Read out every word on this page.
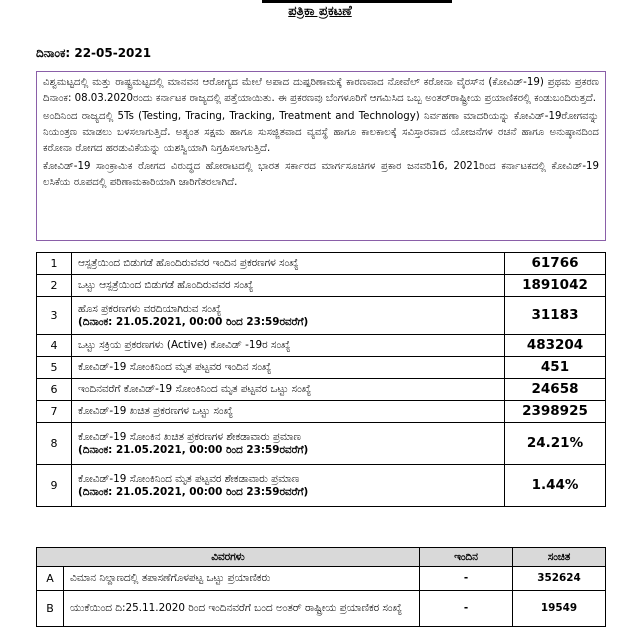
ಪತ್ರಿಕಾ ಪ್ರಕಟಣೆ
ದಿನಾಂಕ: 22-05-2021

ವಿಶ್ವಮಟ್ಟದಲ್ಲಿ ಮತ್ತು ರಾಷ್ಟ್ರಮಟ್ಟದಲ್ಲಿ ಮಾನವನ ಆರೋಗ್ಯದ ಮೇಲೆ ಅಪಾದ ದುಷ್ಪರಿಣಾಮಕ್ಕೆ ಕಾರಣವಾದ ನೋವೆಲ್ ಕರೋನಾ ವೈರಸ್‌ನ (ಕೋವಿಡ್-19) ಪ್ರಥಮ ಪ್ರಕರಣ ದಿನಾಂಕ: 08.03.2020ರಂದು ಕರ್ನಾಟಕ ರಾಜ್ಯದಲ್ಲಿ ಪತ್ತೆಯಾಯಿತು. ಈ ಪ್ರಕರಣವು ಬೆಂಗಳೂರಿಗೆ ಆಗಮಿಸಿದ ಒಬ್ಬ ಅಂತರ್‌ರಾಷ್ಟ್ರೀಯ ಪ್ರಯಾಣಿಕರಲ್ಲಿ ಕಂಡುಬಂದಿರುತ್ತದೆ.

ಅಂದಿನಿಂದ ರಾಜ್ಯದಲ್ಲಿ 5Ts (Testing, Tracing, Tracking, Treatment and Technology) ನಿರ್ವಹಣಾ ಮಾದರಿಯನ್ನು ಕೋವಿಡ್-19ರೋಗವನ್ನು ನಿಯಂತ್ರಣ ಮಾಡಲು ಬಳಸಲಾಗುತ್ತಿದೆ. ಅತ್ಯಂತ ಸಕ್ಷಮ ಹಾಗೂ ಸುಸಜ್ಜಿತವಾದ ವ್ಯವಸ್ಥೆ ಹಾಗೂ ಕಾಲಕಾಲಕ್ಕೆ ಸವಿಸ್ತಾರವಾದ ಯೋಜನೆಗಳ ರಚನೆ ಹಾಗೂ ಅನುಷ್ಠಾನದಿಂದ ಕರೋನಾ ರೋಗದ ಹರಡುವಿಕೆಯನ್ನು ಯಶಸ್ವಿಯಾಗಿ ನಿಗ್ರಹಿಸಲಾಗುತ್ತಿದೆ.

ಕೋವಿಡ್-19 ಸಾಂಕ್ರಾಮಿಕ ರೋಗದ ವಿರುದ್ಧದ ಹೋರಾಟದಲ್ಲಿ ಭಾರತ ಸರ್ಕಾರದ ಮಾರ್ಗಸೂಚಿಗಳ ಪ್ರಕಾರ ಜನವರಿ16, 2021ರಿಂದ ಕರ್ನಾಟಕದಲ್ಲಿ ಕೋವಿಡ್-19 ಲಸಿಕೆಯ ರೂಪದಲ್ಲಿ ಪರಿಣಾಮಕಾರಿಯಾಗಿ ಜಾರಿಗೆತರಲಾಗಿದೆ.

1	ಆಸ್ಪತ್ರೆಯಿಂದ ಬಿಡುಗಡೆ ಹೊಂದಿರುವವರ ಇಂದಿನ ಪ್ರಕರಣಗಳ ಸಂಖ್ಯೆ	61766
2	ಒಟ್ಟು ಆಸ್ಪತ್ರೆಯಿಂದ ಬಿಡುಗಡೆ ಹೊಂದಿರುವವರ ಸಂಖ್ಯೆ	1891042
3	ಹೊಸ ಪ್ರಕರಣಗಳು ವರದಿಯಾಗಿರುವ ಸಂಖ್ಯೆ
(ದಿನಾಂಕ: 21.05.2021, 00:00 ರಿಂದ 23:59ರವರೆಗೆ)	31183
4	ಒಟ್ಟು ಸಕ್ರಿಯ ಪ್ರಕರಣಗಳು (Active) ಕೋವಿಡ್ -19ರ ಸಂಖ್ಯೆ	483204
5	ಕೋವಿಡ್-19 ಸೋಂಕಿನಿಂದ ಮೃತ ಪಟ್ಟವರ ಇಂದಿನ ಸಂಖ್ಯೆ	451
6	ಇಂದಿನವರೆಗೆ ಕೋವಿಡ್-19 ಸೋಂಕಿನಿಂದ ಮೃತ ಪಟ್ಟವರ ಒಟ್ಟು ಸಂಖ್ಯೆ	24658
7	ಕೋವಿಡ್-19 ಖಚಿತ ಪ್ರಕರಣಗಳ ಒಟ್ಟು ಸಂಖ್ಯೆ	2398925
8	ಕೋವಿಡ್-19 ಸೋಂಕಿನ ಖಚಿತ ಪ್ರಕರಣಗಳ ಶೇಕಡಾವಾರು ಪ್ರಮಾಣ
(ದಿನಾಂಕ: 21.05.2021, 00:00 ರಿಂದ 23:59ರವರೆಗೆ)	24.21%
9	ಕೋವಿಡ್-19 ಸೋಂಕಿನಿಂದ ಮೃತ ಪಟ್ಟವರ ಶೇಕಡಾವಾರು ಪ್ರಮಾಣ
(ದಿನಾಂಕ: 21.05.2021, 00:00 ರಿಂದ 23:59ರವರೆಗೆ)	1.44%
ವಿವರಗಳು		ಇಂದಿನ	ಸಂಚಿತ
A	ವಿಮಾನ ನಿಲ್ದಾಣದಲ್ಲಿ ತಪಾಸಣೆಗೊಳಪಟ್ಟ ಒಟ್ಟು ಪ್ರಯಾಣಿಕರು	-	352624
B	ಯುಕೆಯಿಂದ ದಿ:25.11.2020 ರಿಂದ ಇಂದಿನವರೆಗೆ ಬಂದ ಅಂತರ್ ರಾಷ್ಟ್ರೀಯ ಪ್ರಯಾಣಿಕರ ಸಂಖ್ಯೆ	-	19549
